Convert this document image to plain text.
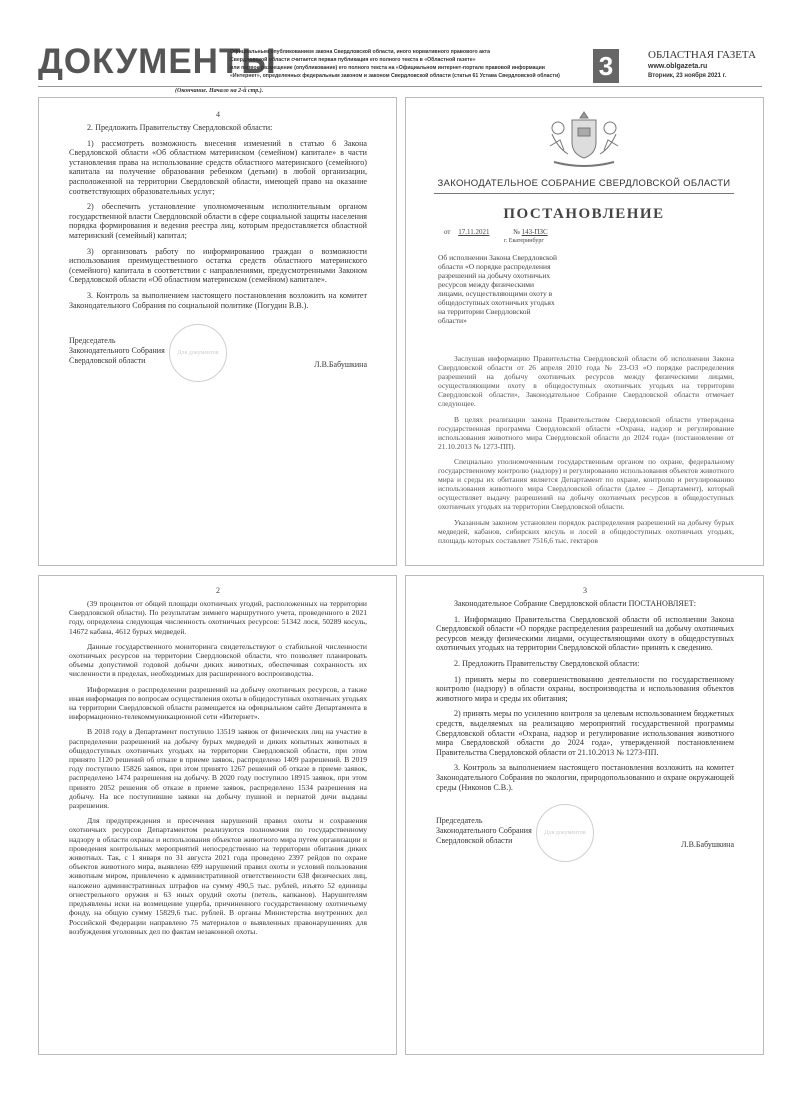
ДОКУМЕНТЫ
Официальным опубликованием закона Свердловской области, иного нормативного правового акта
Свердловской области считается первая публикация его полного текста в «Областной газете»
или первое размещение (опубликование) его полного текста на «Официальном интернет-портале правовой информации
«Интернет», определенных федеральным законом и законом Свердловской области (статья 61 Устава Свердловской области)	3	ОБЛАСТНАЯ ГАЗЕТА
www.oblgazeta.ru
Вторник, 23 ноября 2021 г.
(Окончание. Начало на 2-й стр.).
4

2. Предложить Правительству Свердловской области:

1) рассмотреть возможность внесения изменений в статью 6 Закона Свердловской области «Об областном материнском (семейном) капитале» в части установления права на использование средств областного материнского (семейного) капитала на получение образования ребенком (детьми) в любой организации, расположенной на территории Свердловской области, имеющей право на оказание соответствующих образовательных услуг;

2) обеспечить установление уполномоченным исполнительным органом государственной власти Свердловской области в сфере социальной защиты населения порядка формирования и ведения реестра лиц, которым предоставляется областной материнский (семейный) капитал;

3) организовать работу по информированию граждан о возможности использования преимущественного остатка средств областного материнского (семейного) капитала в соответствии с направлениями, предусмотренными Законом Свердловской области «Об областном материнском (семейном) капитале».

3. Контроль за выполнением настоящего постановления возложить на комитет Законодательного Собрания по социальной политике (Погудин В.В.).

Председатель
Законодательного Собрания
Свердловской области
Для документов
Л.В.Бабушкина
ЗАКОНОДАТЕЛЬНОЕ СОБРАНИЕ СВЕРДЛОВСКОЙ ОБЛАСТИ
ПОСТАНОВЛЕНИЕ
от 17.11.2021	№ 143-ПЗС
г. Екатеринбург
Об исполнении Закона Свердловской области «О порядке распределения разрешений на добычу охотничьих ресурсов между физическими лицами, осуществляющими охоту в общедоступных охотничьих угодьях на территории Свердловской области»

Заслушав информацию Правительства Свердловской области об исполнении Закона Свердловской области от 26 апреля 2010 года № 23-ОЗ «О порядке распределения разрешений на добычу охотничьих ресурсов между физическими лицами, осуществляющими охоту в общедоступных охотничьих угодьях на территории Свердловской области», Законодательное Собрание Свердловской области отмечает следующее.

В целях реализации закона Правительством Свердловской области утверждена государственная программа Свердловской области «Охрана, надзор и регулирование использования животного мира Свердловской области до 2024 года» (постановление от 21.10.2013 № 1273-ПП).

Специально уполномоченным государственным органом по охране, федеральному государственному контролю (надзору) и регулированию использования объектов животного мира и среды их обитания является Департамент по охране, контролю и регулированию использования животного мира Свердловской области (далее – Департамент), который осуществляет выдачу разрешений на добычу охотничьих ресурсов в общедоступных охотничьих угодьях на территории Свердловской области.

Указанным законом установлен порядок распределения разрешений на добычу бурых медведей, кабанов, сибирских косуль и лосей в общедоступных охотничьих угодьях, площадь которых составляет 7516,6 тыс. гектаров

2

(39 процентов от общей площади охотничьих угодий, расположенных на территории Свердловской области). По результатам зимнего маршрутного учета, проведенного в 2021 году, определена следующая численность охотничьих ресурсов: 51342 лося, 50289 косуль, 14672 кабана, 4612 бурых медведей.

Данные государственного мониторинга свидетельствуют о стабильной численности охотничьих ресурсов на территории Свердловской области, что позволяет планировать объемы допустимой годовой добычи диких животных, обеспечивая сохранность их численности в пределах, необходимых для расширенного воспроизводства.

Информация о распределении разрешений на добычу охотничьих ресурсов, а также иная информация по вопросам осуществления охоты в общедоступных охотничьих угодьях на территории Свердловской области размещается на официальном сайте Департамента в информационно-телекоммуникационной сети «Интернет».

В 2018 году в Департамент поступило 13519 заявок от физических лиц на участие в распределении разрешений на добычу бурых медведей и диких копытных животных в общедоступных охотничьих угодьях на территории Свердловской области, при этом принято 1120 решений об отказе в приеме заявок, распределено 1409 разрешений. В 2019 году поступило 15826 заявок, при этом принято 1267 решений об отказе в приеме заявок, распределено 1474 разрешения на добычу. В 2020 году поступило 18915 заявок, при этом принято 2052 решения об отказе в приеме заявок, распределено 1534 разрешения на добычу. На все поступившие заявки на добычу пушной и пернатой дичи выданы разрешения.

Для предупреждения и пресечения нарушений правил охоты и сохранения охотничьих ресурсов Департаментом реализуются полномочия по государственному надзору в области охраны и использования объектов животного мира путем организации и проведения контрольных мероприятий непосредственно на территории обитания диких животных. Так, с 1 января по 31 августа 2021 года проведено 2397 рейдов по охране объектов животного мира, выявлено 699 нарушений правил охоты и условий пользования животным миром, привлечено к административной ответственности 638 физических лиц, наложено административных штрафов на сумму 490,5 тыс. рублей, изъято 52 единицы огнестрельного оружия и 63 иных орудий охоты (петель, капканов). Нарушителям предъявлены иски на возмещение ущерба, причиненного государственному охотничьему фонду, на общую сумму 15829,6 тыс. рублей. В органы Министерства внутренних дел Российской Федерации направлено 75 материалов о выявленных правонарушениях для возбуждения уголовных дел по фактам незаконной охоты.

3

Законодательное Собрание Свердловской области ПОСТАНОВЛЯЕТ:

1. Информацию Правительства Свердловской области об исполнении Закона Свердловской области «О порядке распределения разрешений на добычу охотничьих ресурсов между физическими лицами, осуществляющими охоту в общедоступных охотничьих угодьях на территории Свердловской области» принять к сведению.

2. Предложить Правительству Свердловской области:

1) принять меры по совершенствованию деятельности по государственному контролю (надзору) в области охраны, воспроизводства и использования объектов животного мира и среды их обитания;

2) принять меры по усилению контроля за целевым использованием бюджетных средств, выделяемых на реализацию мероприятий государственной программы Свердловской области «Охрана, надзор и регулирование использования животного мира Свердловской области до 2024 года», утвержденной постановлением Правительства Свердловской области от 21.10.2013 № 1273-ПП.

3. Контроль за выполнением настоящего постановления возложить на комитет Законодательного Собрания по экологии, природопользованию и охране окружающей среды (Никонов С.В.).

Председатель
Законодательного Собрания
Свердловской области
Для документов
Л.В.Бабушкина
